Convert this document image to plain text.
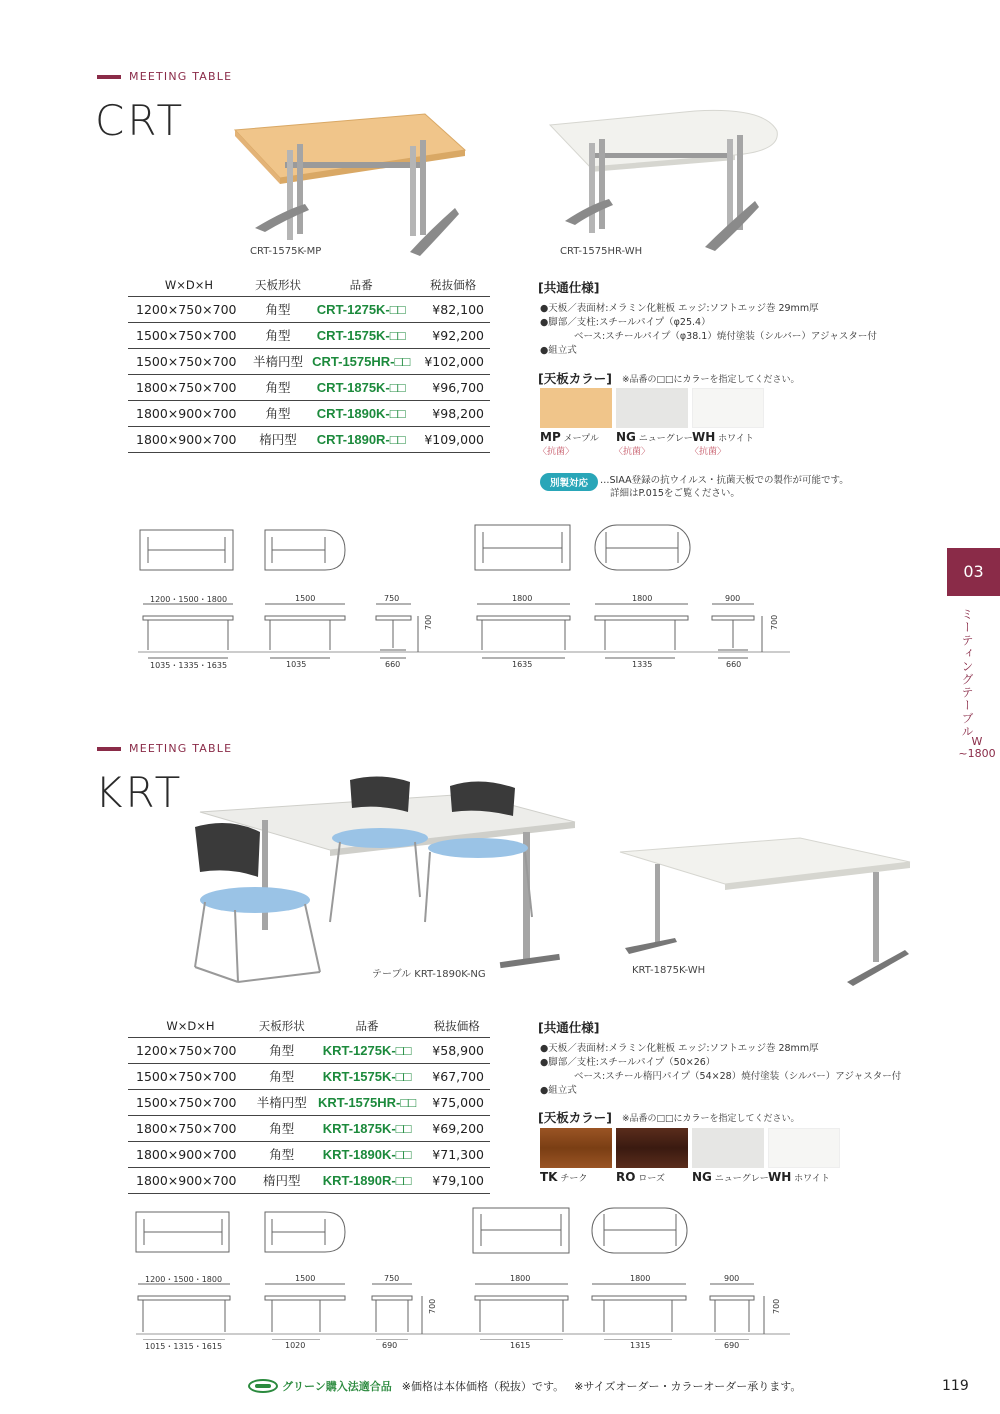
MEETING TABLE
CRT
CRT-1575K-MP	CRT-1575HR-WH
W×D×H	天板形状	品番	税抜価格
1200×750×700	角型	CRT-1275K-□□	¥82,100
1500×750×700	角型	CRT-1575K-□□	¥92,200
1500×750×700	半楕円型	CRT-1575HR-□□	¥102,000
1800×750×700	角型	CRT-1875K-□□	¥96,700
1800×900×700	角型	CRT-1890K-□□	¥98,200
1800×900×700	楕円型	CRT-1890R-□□	¥109,000
[共通仕様]
●天板／表面材:メラミン化粧板 エッジ:ソフトエッジ巻 29mm厚
●脚部／支柱:スチールパイプ（φ25.4）
ベース:スチールパイプ（φ38.1）焼付塗装（シルバー）アジャスター付
●組立式
[天板カラー] ※品番の□□にカラーを指定してください。
MP メープル
〈抗菌〉
NG ニューグレー
〈抗菌〉
WH ホワイト
〈抗菌〉
別製対応	…SIAA登録の抗ウイルス・抗菌天板での製作が可能です。
詳細はP.015をご覧ください。
1200・1500・1800
1035・1335・1635
1500
1035
750
660
700
1800
1635
1800
1335
900
660
700
MEETING TABLE
KRT
テーブル KRT-1890K-NG	KRT-1875K-WH
W×D×H	天板形状	品番	税抜価格
1200×750×700	角型	KRT-1275K-□□	¥58,900
1500×750×700	角型	KRT-1575K-□□	¥67,700
1500×750×700	半楕円型	KRT-1575HR-□□	¥75,000
1800×750×700	角型	KRT-1875K-□□	¥69,200
1800×900×700	角型	KRT-1890K-□□	¥71,300
1800×900×700	楕円型	KRT-1890R-□□	¥79,100
[共通仕様]
●天板／表面材:メラミン化粧板 エッジ:ソフトエッジ巻 28mm厚
●脚部／支柱:スチールパイプ（50×26）
ベース:スチール楕円パイプ（54×28）焼付塗装（シルバー）アジャスター付
●組立式
[天板カラー] ※品番の□□にカラーを指定してください。
TK チーク RO ローズ NG ニューグレー WH ホワイト
1200・1500・1800
1015・1315・1615
1500
1020
750
690
700
1800
1615
1800
1315
900
690
700
03
ミーティングテーブル
W
~1800
グリーン購入法適合品 ※価格は本体価格（税抜）です。 ※サイズオーダー・カラーオーダー承ります。	119
